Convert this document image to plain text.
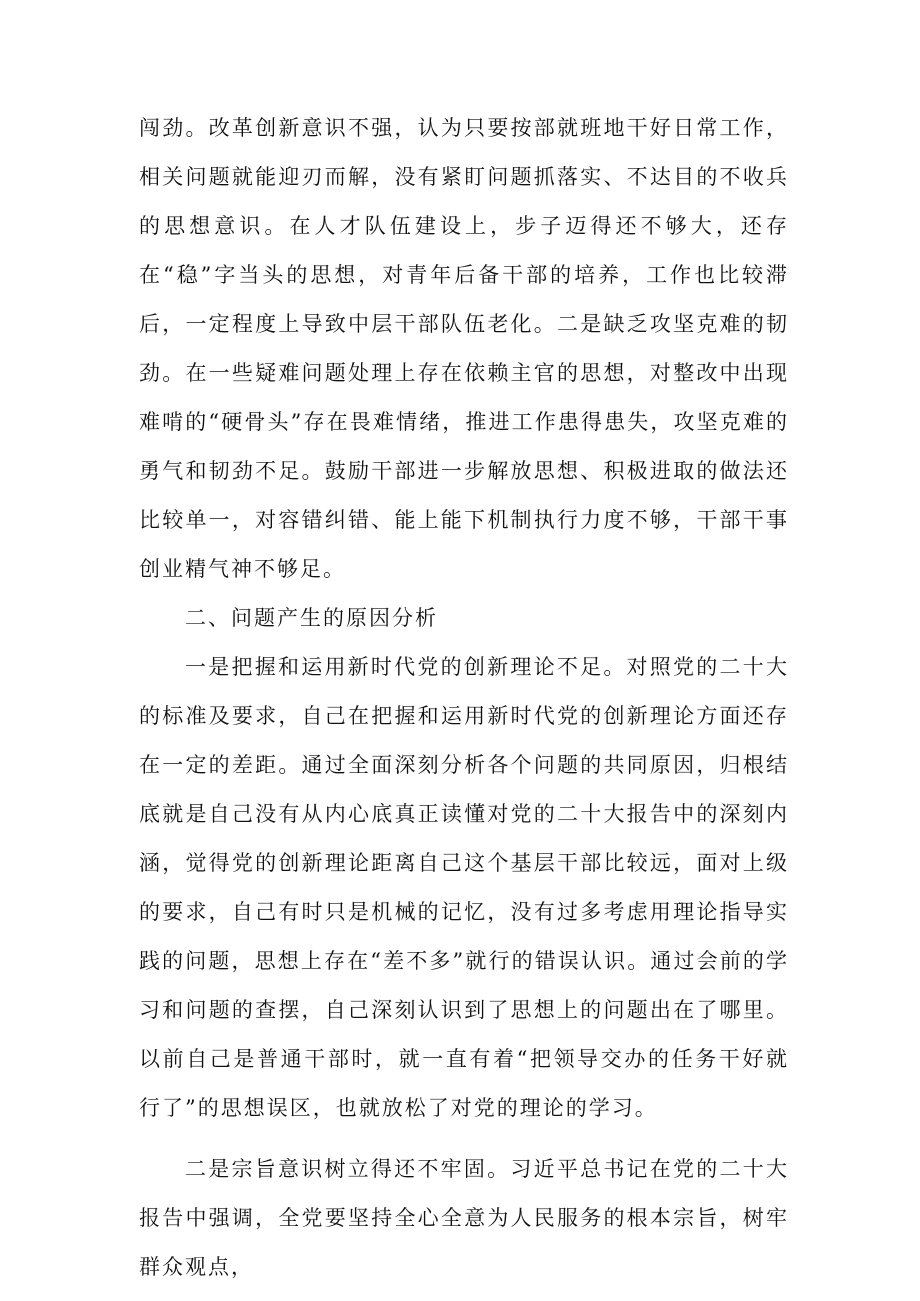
闯劲。改革创新意识不强，认为只要按部就班地干好日常工作，相关问题就能迎刃而解，没有紧盯问题抓落实、不达目的不收兵的思想意识。在人才队伍建设上，步子迈得还不够大，还存在“稳”字当头的思想，对青年后备干部的培养，工作也比较滞后，一定程度上导致中层干部队伍老化。二是缺乏攻坚克难的韧劲。在一些疑难问题处理上存在依赖主官的思想，对整改中出现难啃的“硬骨头”存在畏难情绪，推进工作患得患失，攻坚克难的勇气和韧劲不足。鼓励干部进一步解放思想、积极进取的做法还比较单一，对容错纠错、能上能下机制执行力度不够，干部干事创业精气神不够足。

二、问题产生的原因分析

一是把握和运用新时代党的创新理论不足。对照党的二十大的标准及要求，自己在把握和运用新时代党的创新理论方面还存在一定的差距。通过全面深刻分析各个问题的共同原因，归根结底就是自己没有从内心底真正读懂对党的二十大报告中的深刻内涵，觉得党的创新理论距离自己这个基层干部比较远，面对上级的要求，自己有时只是机械的记忆，没有过多考虑用理论指导实践的问题，思想上存在“差不多”就行的错误认识。通过会前的学习和问题的查摆，自己深刻认识到了思想上的问题出在了哪里。以前自己是普通干部时，就一直有着“把领导交办的任务干好就行了”的思想误区，也就放松了对党的理论的学习。

二是宗旨意识树立得还不牢固。习近平总书记在党的二十大报告中强调，全党要坚持全心全意为人民服务的根本宗旨，树牢群众观点，
